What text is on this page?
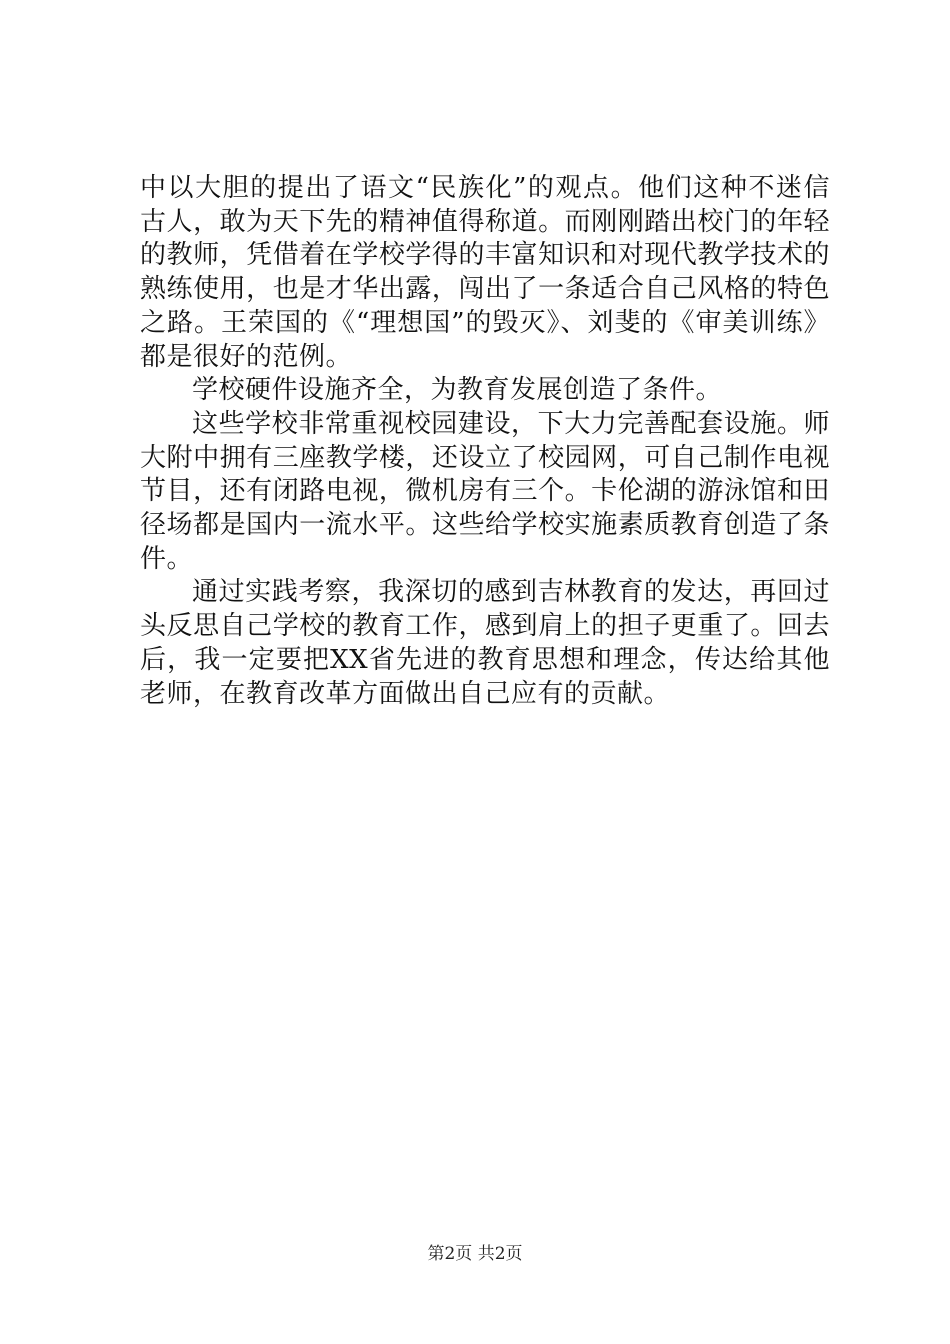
中以大胆的提出了语文“民族化”的观点。他们这种不迷信古人，敢为天下先的精神值得称道。而刚刚踏出校门的年轻的教师，凭借着在学校学得的丰富知识和对现代教学技术的熟练使用，也是才华出露，闯出了一条适合自己风格的特色之路。王荣国的《“理想国”的毁灭》、刘斐的《审美训练》都是很好的范例。

学校硬件设施齐全，为教育发展创造了条件。

这些学校非常重视校园建设，下大力完善配套设施。师大附中拥有三座教学楼，还设立了校园网，可自己制作电视节目，还有闭路电视，微机房有三个。卡伦湖的游泳馆和田径场都是国内一流水平。这些给学校实施素质教育创造了条件。

通过实践考察，我深切的感到吉林教育的发达，再回过头反思自己学校的教育工作，感到肩上的担子更重了。回去后，我一定要把XX省先进的教育思想和理念，传达给其他老师，在教育改革方面做出自己应有的贡献。

第2页 共2页
